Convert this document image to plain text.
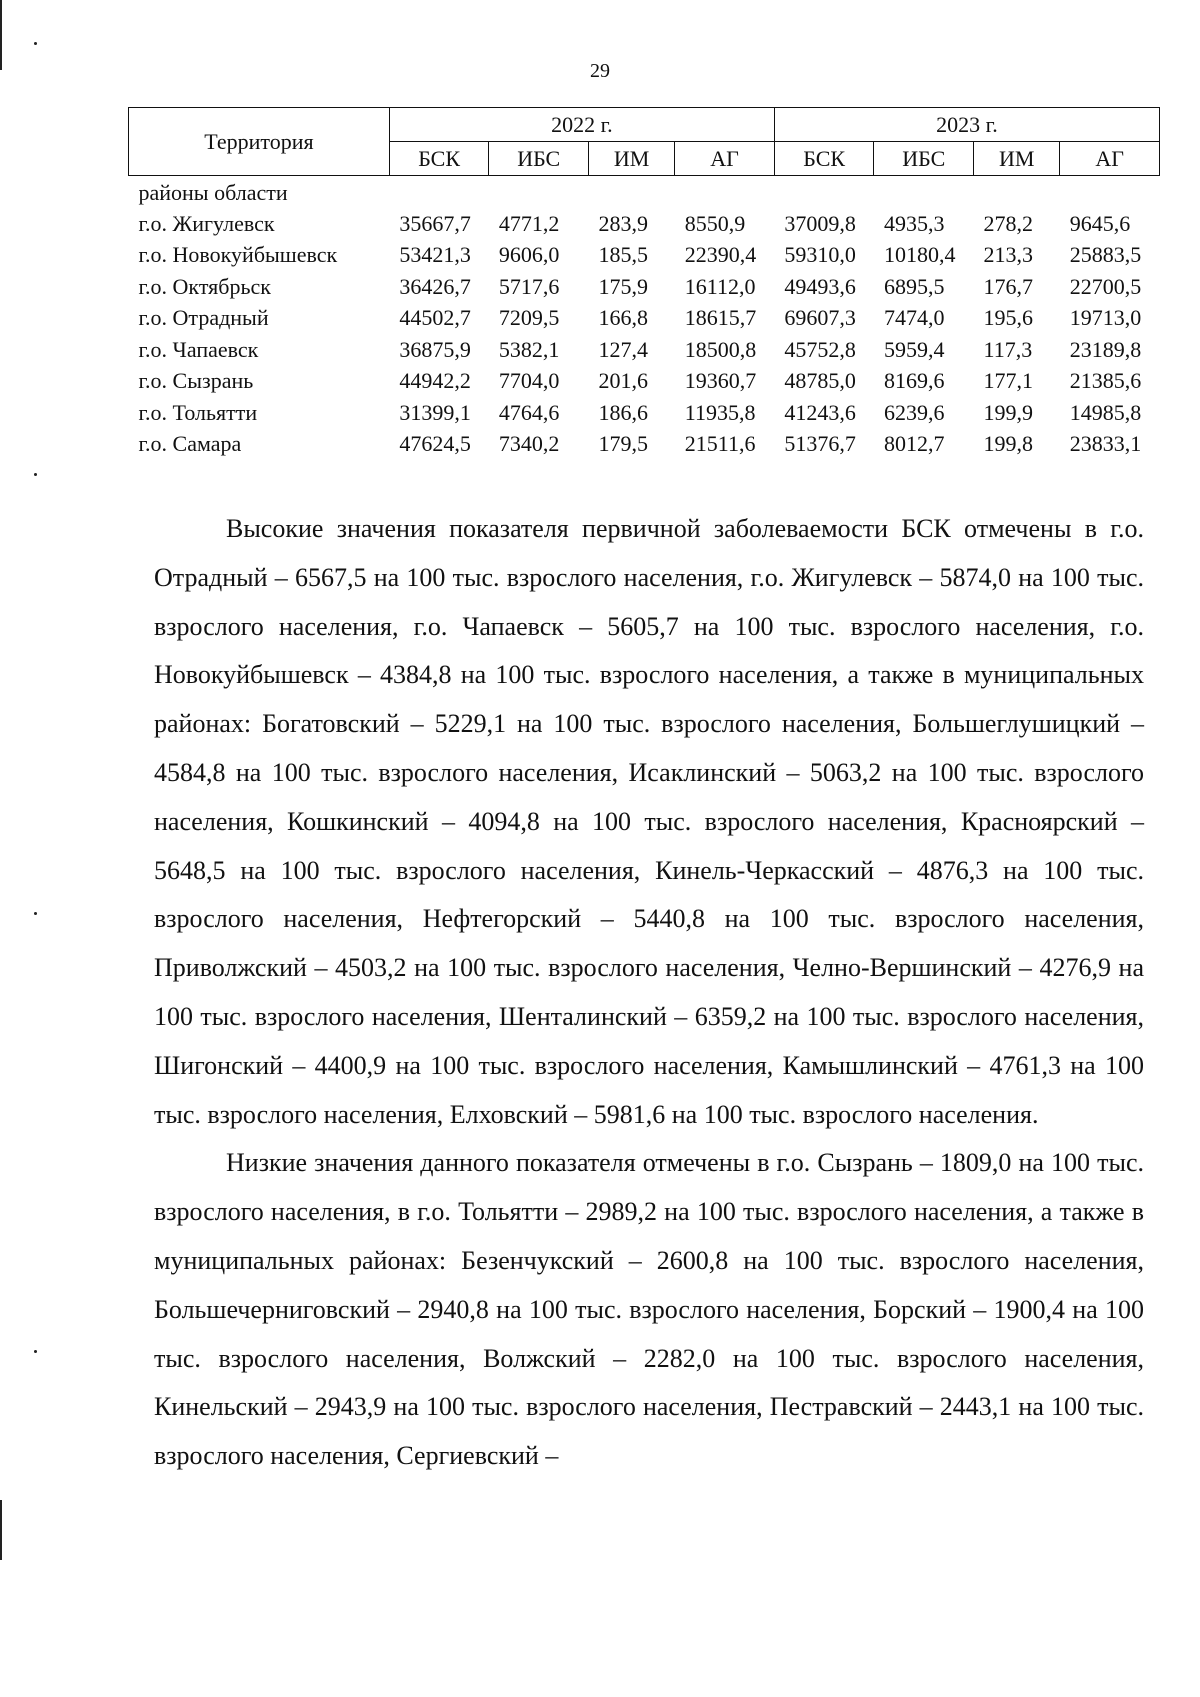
29
Территория	2022 г.				2023 г.			
	БСК	ИБС	ИМ	АГ	БСК	ИБС	ИМ	АГ
районы области								
г.о. Жигулевск	35667,7	4771,2	283,9	8550,9	37009,8	4935,3	278,2	9645,6
г.о. Новокуйбышевск	53421,3	9606,0	185,5	22390,4	59310,0	10180,4	213,3	25883,5
г.о. Октябрьск	36426,7	5717,6	175,9	16112,0	49493,6	6895,5	176,7	22700,5
г.о. Отрадный	44502,7	7209,5	166,8	18615,7	69607,3	7474,0	195,6	19713,0
г.о. Чапаевск	36875,9	5382,1	127,4	18500,8	45752,8	5959,4	117,3	23189,8
г.о. Сызрань	44942,2	7704,0	201,6	19360,7	48785,0	8169,6	177,1	21385,6
г.о. Тольятти	31399,1	4764,6	186,6	11935,8	41243,6	6239,6	199,9	14985,8
г.о. Самара	47624,5	7340,2	179,5	21511,6	51376,7	8012,7	199,8	23833,1

Высокие значения показателя первичной заболеваемости БСК отмечены в г.о. Отрадный – 6567,5 на 100 тыс. взрослого населения, г.о. Жигулевск – 5874,0 на 100 тыс. взрослого населения, г.о. Чапаевск – 5605,7 на 100 тыс. взрослого населения, г.о. Новокуйбышевск – 4384,8 на 100 тыс. взрослого населения, а также в муниципальных районах: Богатовский – 5229,1 на 100 тыс. взрослого населения, Большеглушицкий – 4584,8 на 100 тыс. взрослого населения, Исаклинский – 5063,2 на 100 тыс. взрослого населения, Кошкинский – 4094,8 на 100 тыс. взрослого населения, Красноярский – 5648,5 на 100 тыс. взрослого населения, Кинель-Черкасский – 4876,3 на 100 тыс. взрослого населения, Нефтегорский – 5440,8 на 100 тыс. взрослого населения, Приволжский – 4503,2 на 100 тыс. взрослого населения, Челно-Вершинский – 4276,9 на 100 тыс. взрослого населения, Шенталинский – 6359,2 на 100 тыс. взрослого населения, Шигонский – 4400,9 на 100 тыс. взрослого населения, Камышлинский – 4761,3 на 100 тыс. взрослого населения, Елховский – 5981,6 на 100 тыс. взрослого населения.

Низкие значения данного показателя отмечены в г.о. Сызрань – 1809,0 на 100 тыс. взрослого населения, в г.о. Тольятти – 2989,2 на 100 тыс. взрослого населения, а также в муниципальных районах: Безенчукский – 2600,8 на 100 тыс. взрослого населения, Большечерниговский – 2940,8 на 100 тыс. взрослого населения, Борский – 1900,4 на 100 тыс. взрослого населения, Волжский – 2282,0 на 100 тыс. взрослого населения, Кинельский – 2943,9 на 100 тыс. взрослого населения, Пестравский – 2443,1 на 100 тыс. взрослого населения, Сергиевский –
